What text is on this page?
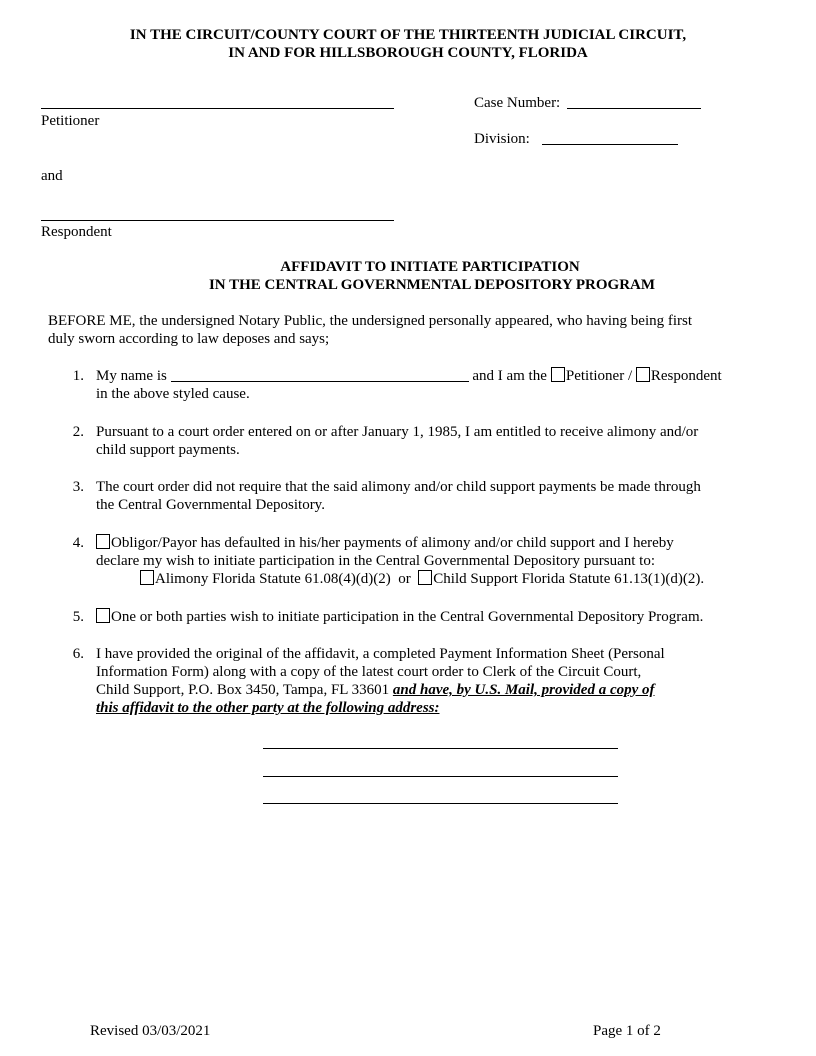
IN THE CIRCUIT/COUNTY COURT OF THE THIRTEENTH JUDICIAL CIRCUIT,
IN AND FOR HILLSBOROUGH COUNTY, FLORIDA
Petitioner
and
Respondent
Case Number:
Division:
AFFIDAVIT TO INITIATE PARTICIPATION
IN THE CENTRAL GOVERNMENTAL DEPOSITORY PROGRAM
BEFORE ME, the undersigned Notary Public, the undersigned personally appeared, who having being first
duly sworn according to law deposes and says;
1. My name is	and I am the Petitioner / Respondent
in the above styled cause.
2. Pursuant to a court order entered on or after January 1, 1985, I am entitled to receive alimony and/or
child support payments.
3. The court order did not require that the said alimony and/or child support payments be made through
the Central Governmental Depository.
4.	Obligor/Payor has defaulted in his/her payments of alimony and/or child support and I hereby
declare my wish to initiate participation in the Central Governmental Depository pursuant to:
Alimony Florida Statute 61.08(4)(d)(2) or Child Support Florida Statute 61.13(1)(d)(2).
5.	One or both parties wish to initiate participation in the Central Governmental Depository Program.
6. I have provided the original of the affidavit, a completed Payment Information Sheet (Personal
Information Form) along with a copy of the latest court order to Clerk of the Circuit Court,
Child Support, P.O. Box 3450, Tampa, FL 33601 and have, by U.S. Mail, provided a copy of
this affidavit to the other party at the following address:
Revised 03/03/2021	Page 1 of 2
